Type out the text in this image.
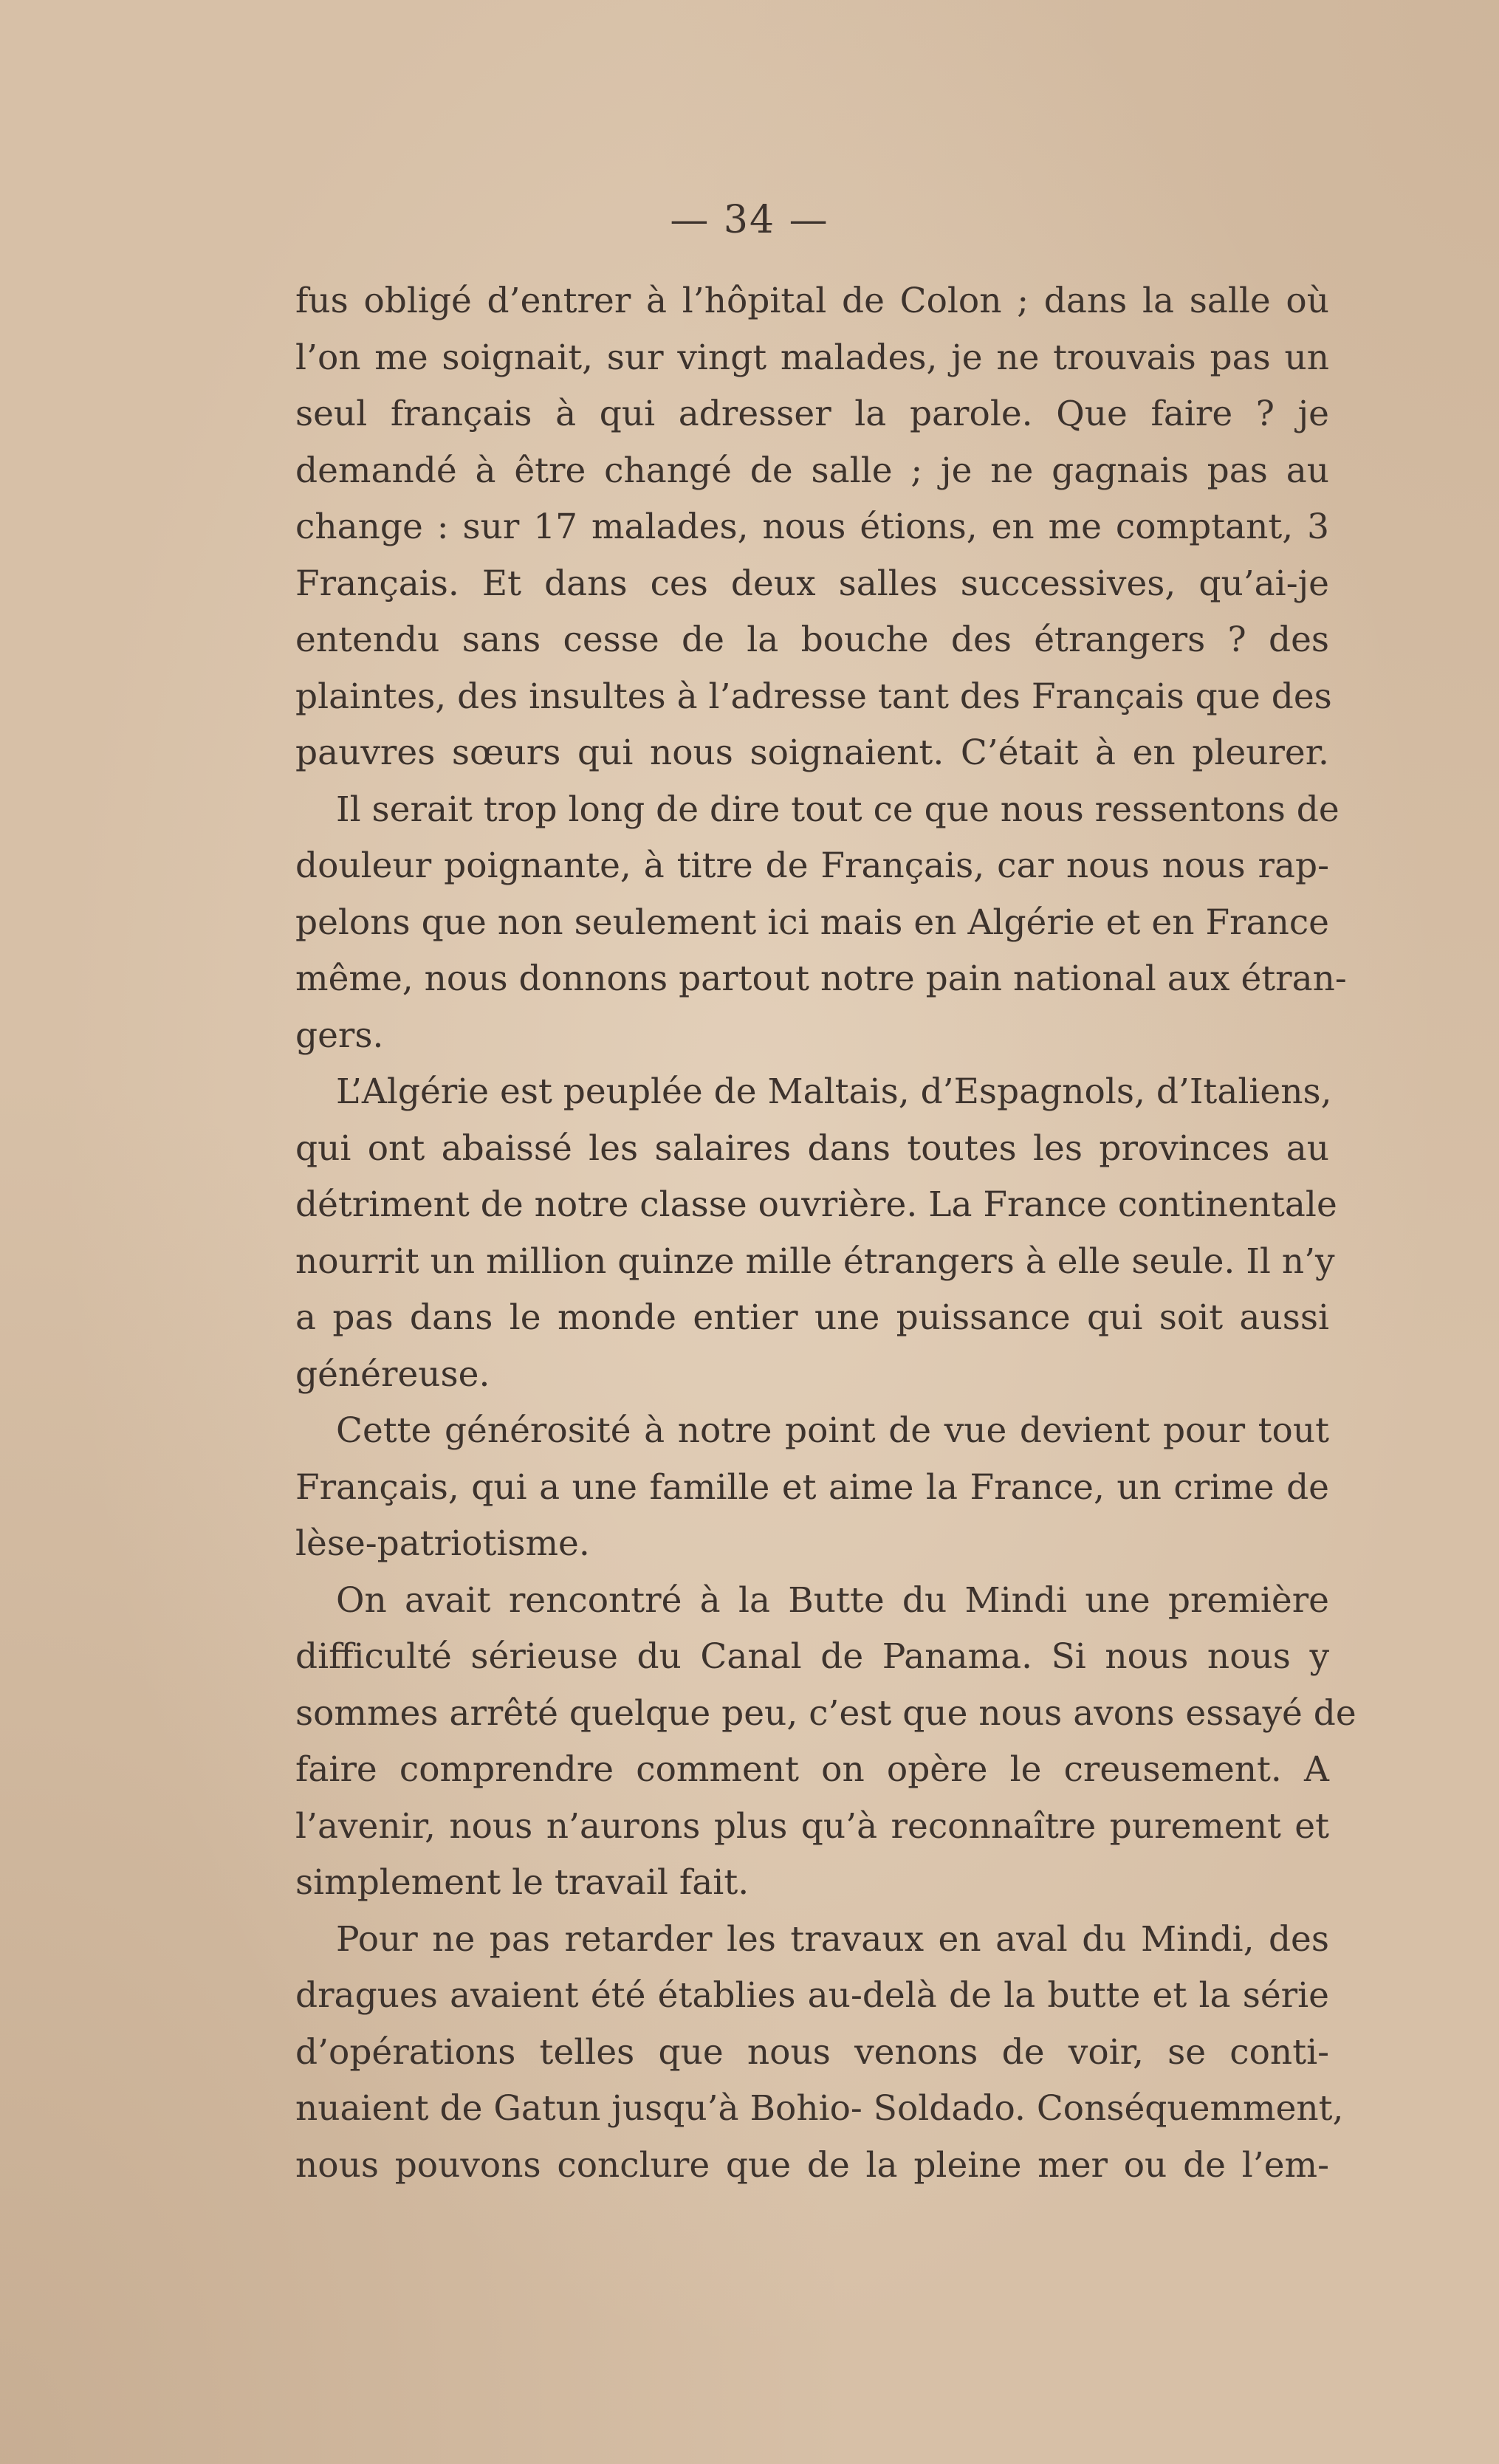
— 34 —
fus obligé d’entrer à l’hôpital de Colon ; dans la salle où
l’on me soignait, sur vingt malades, je ne trouvais pas un
seul français à qui adresser la parole. Que faire ? je
demandé à être changé de salle ; je ne gagnais pas au
change : sur 17 malades, nous étions, en me comptant, 3
Français. Et dans ces deux salles successives, qu’ai-je
entendu sans cesse de la bouche des étrangers ? des
plaintes, des insultes à l’adresse tant des Français que des
pauvres sœurs qui nous soignaient. C’était à en pleurer.
Il serait trop long de dire tout ce que nous ressentons de
douleur poignante, à titre de Français, car nous nous rap-
pelons que non seulement ici mais en Algérie et en France
même, nous donnons partout notre pain national aux étran-
gers.
L’Algérie est peuplée de Maltais, d’Espagnols, d’Italiens,
qui ont abaissé les salaires dans toutes les provinces au
détriment de notre classe ouvrière. La France continentale
nourrit un million quinze mille étrangers à elle seule. Il n’y
a pas dans le monde entier une puissance qui soit aussi
généreuse.
Cette générosité à notre point de vue devient pour tout
Français, qui a une famille et aime la France, un crime de
lèse-patriotisme.
On avait rencontré à la Butte du Mindi une première
difficulté sérieuse du Canal de Panama. Si nous nous y
sommes arrêté quelque peu, c’est que nous avons essayé de
faire comprendre comment on opère le creusement. A
l’avenir, nous n’aurons plus qu’à reconnaître purement et
simplement le travail fait.
Pour ne pas retarder les travaux en aval du Mindi, des
dragues avaient été établies au-delà de la butte et la série
d’opérations telles que nous venons de voir, se conti-
nuaient de Gatun jusqu’à Bohio- Soldado. Conséquemment,
nous pouvons conclure que de la pleine mer ou de l’em-
